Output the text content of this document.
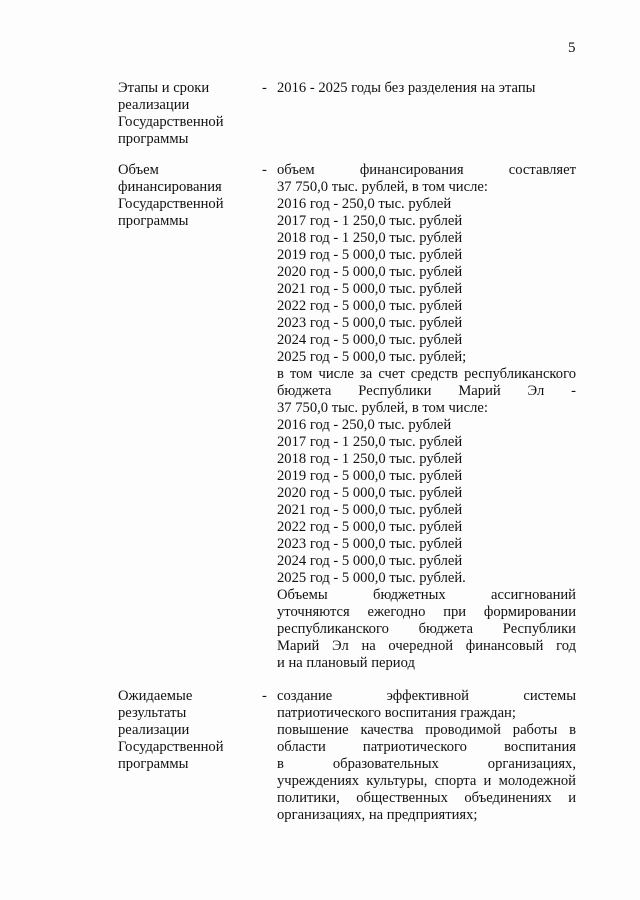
5
Этапы и сроки
реализации
Государственной
программы
- 2016 - 2025 годы без разделения на этапы
Объем
финансирования
Государственной
программы
- объем финансирования составляет
37 750,0 тыс. рублей, в том числе:
2016 год - 250,0 тыс. рублей
2017 год - 1 250,0 тыс. рублей
2018 год - 1 250,0 тыс. рублей
2019 год - 5 000,0 тыс. рублей
2020 год - 5 000,0 тыс. рублей
2021 год - 5 000,0 тыс. рублей
2022 год - 5 000,0 тыс. рублей
2023 год - 5 000,0 тыс. рублей
2024 год - 5 000,0 тыс. рублей
2025 год - 5 000,0 тыс. рублей;
в том числе за счет средств республиканского
бюджета Республики Марий Эл -
37 750,0 тыс. рублей, в том числе:
2016 год - 250,0 тыс. рублей
2017 год - 1 250,0 тыс. рублей
2018 год - 1 250,0 тыс. рублей
2019 год - 5 000,0 тыс. рублей
2020 год - 5 000,0 тыс. рублей
2021 год - 5 000,0 тыс. рублей
2022 год - 5 000,0 тыс. рублей
2023 год - 5 000,0 тыс. рублей
2024 год - 5 000,0 тыс. рублей
2025 год - 5 000,0 тыс. рублей.
Объемы бюджетных ассигнований
уточняются ежегодно при формировании
республиканского бюджета Республики
Марий Эл на очередной финансовый год
и на плановый период
Ожидаемые
результаты
реализации
Государственной
программы
- создание эффективной системы
патриотического воспитания граждан;
повышение качества проводимой работы в
области патриотического воспитания
в образовательных организациях,
учреждениях культуры, спорта и молодежной
политики, общественных объединениях и
организациях, на предприятиях;
